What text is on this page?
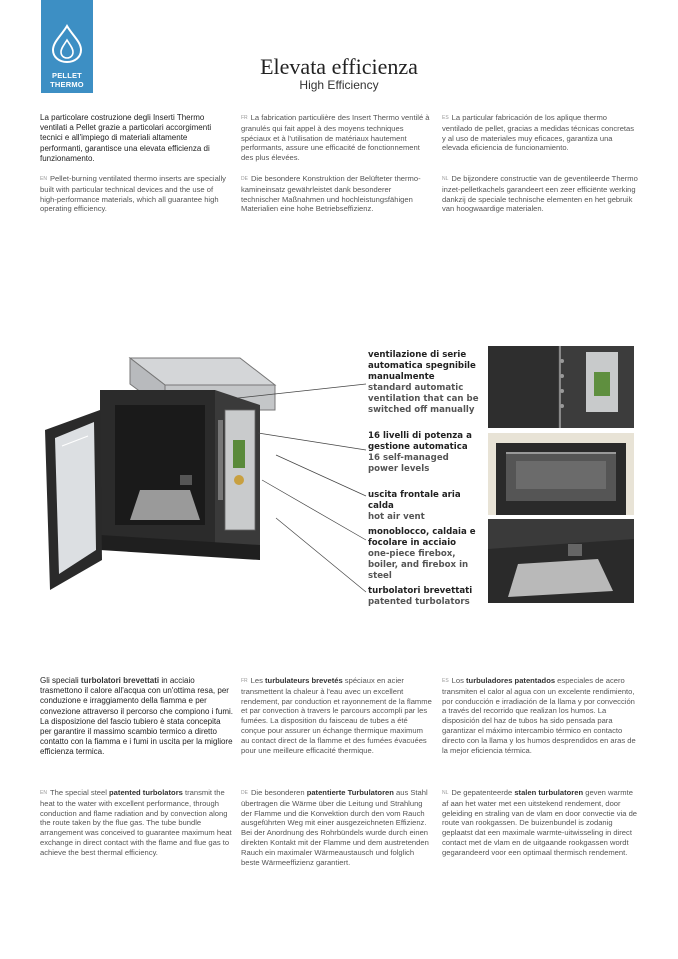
PELLET
THERMO
Elevata efficienza
High Efficiency
La particolare costruzione degli Inserti Thermo ventilati a Pellet grazie a particolari accorgimenti tecnici e all'impiego di materiali altamente performanti, garantisce una elevata efficienza di funzionamento.
EN Pellet-burning ventilated thermo inserts are specially built with particular technical devices and the use of high-performance materials, which all guarantee high operating efficiency.
FR La fabrication particulière des Insert Thermo ventilé à granulés qui fait appel à des moyens techniques spéciaux et à l'utilisation de matériaux hautement performants, assure une efficacité de fonctionnement des plus élevées.
DE Die besondere Konstruktion der Belüfteter thermo-kamineinsatz gewährleistet dank besonderer technischer Maßnahmen und hochleistungsfähigen Materialien eine hohe Betriebseffizienz.
ES La particular fabricación de los aplique thermo ventilado de pellet, gracias a medidas técnicas concretas y al uso de materiales muy eficaces, garantiza una elevada eficiencia de funcionamiento.
NL De bijzondere constructie van de geventileerde Thermo inzet-pelletkachels garandeert een zeer efficiënte werking dankzij de speciale technische elementen en het gebruik van hoogwaardige materialen.
ventilazione di serie automatica spegnibile manualmente
standard automatic ventilation that can be switched off manually
16 livelli di potenza a gestione automatica
16 self-managed power levels
uscita frontale aria calda
hot air vent
monoblocco, caldaia e focolare in acciaio
one-piece firebox, boiler, and firebox in steel
turbolatori brevettati
patented turbolators
Gli speciali turbolatori brevettati in acciaio trasmettono il calore all'acqua con un'ottima resa, per conduzione e irraggiamento della fiamma e per convezione attraverso il percorso che compiono i fumi. La disposizione del fascio tubiero è stata concepita per garantire il massimo scambio termico a diretto contatto con la fiamma e i fumi in uscita per la migliore efficienza termica.
EN The special steel patented turbolators transmit the heat to the water with excellent performance, through conduction and flame radiation and by convection along the route taken by the flue gas. The tube bundle arrangement was conceived to guarantee maximum heat exchange in direct contact with the flame and flue gas to achieve the best thermal efficiency.
FR Les turbulateurs brevetés spéciaux en acier transmettent la chaleur à l'eau avec un excellent rendement, par conduction et rayonnement de la flamme et par convection à travers le parcours accompli par les fumées. La disposition du faisceau de tubes a été conçue pour assurer un échange thermique maximum au contact direct de la flamme et des fumées évacuées pour une meilleure efficacité thermique.
DE Die besonderen patentierte Turbulatoren aus Stahl übertragen die Wärme über die Leitung und Strahlung der Flamme und die Konvektion durch den vom Rauch ausgeführten Weg mit einer ausgezeichneten Effizienz. Bei der Anordnung des Rohrbündels wurde durch einen direkten Kontakt mit der Flamme und dem austretenden Rauch ein maximaler Wärmeaustausch und folglich beste Wärmeeffizienz garantiert.
ES Los turbuladores patentados especiales de acero transmiten el calor al agua con un excelente rendimiento, por conducción e irradiación de la llama y por convección a través del recorrido que realizan los humos. La disposición del haz de tubos ha sido pensada para garantizar el máximo intercambio térmico en contacto directo con la llama y los humos desprendidos en aras de la mejor eficiencia térmica.
NL De gepatenteerde stalen turbulatoren geven warmte af aan het water met een uitstekend rendement, door geleiding en straling van de vlam en door convectie via de route van rookgassen. De buizenbundel is zodanig geplaatst dat een maximale warmte-uitwisseling in direct contact met de vlam en de uitgaande rookgassen wordt gegarandeerd voor een optimaal thermisch rendement.
